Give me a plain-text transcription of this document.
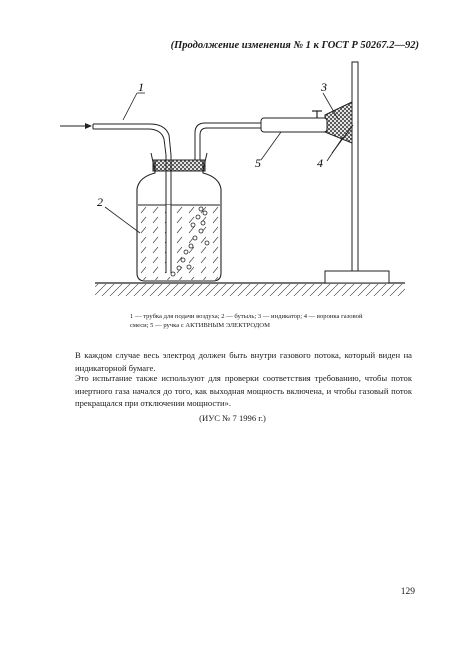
(Продолжение изменения № 1 к ГОСТ Р 50267.2—92)
1
2
3
4
5
1 — трубка для подачи воздуха; 2 — бутыль; 3 — индикатор; 4 — воронка газовой смеси; 5 — ручка с АКТИВНЫМ ЭЛЕКТРОДОМ
В каждом случае весь электрод должен быть внутри газового потока, который виден на индикаторной бумаге.
Это испытание также используют для проверки соответствия требованию, чтобы поток инертного газа начался до того, как выходная мощность включена, и чтобы газовый поток прекращался при отключении мощности».
(ИУС № 7 1996 г.)
129
